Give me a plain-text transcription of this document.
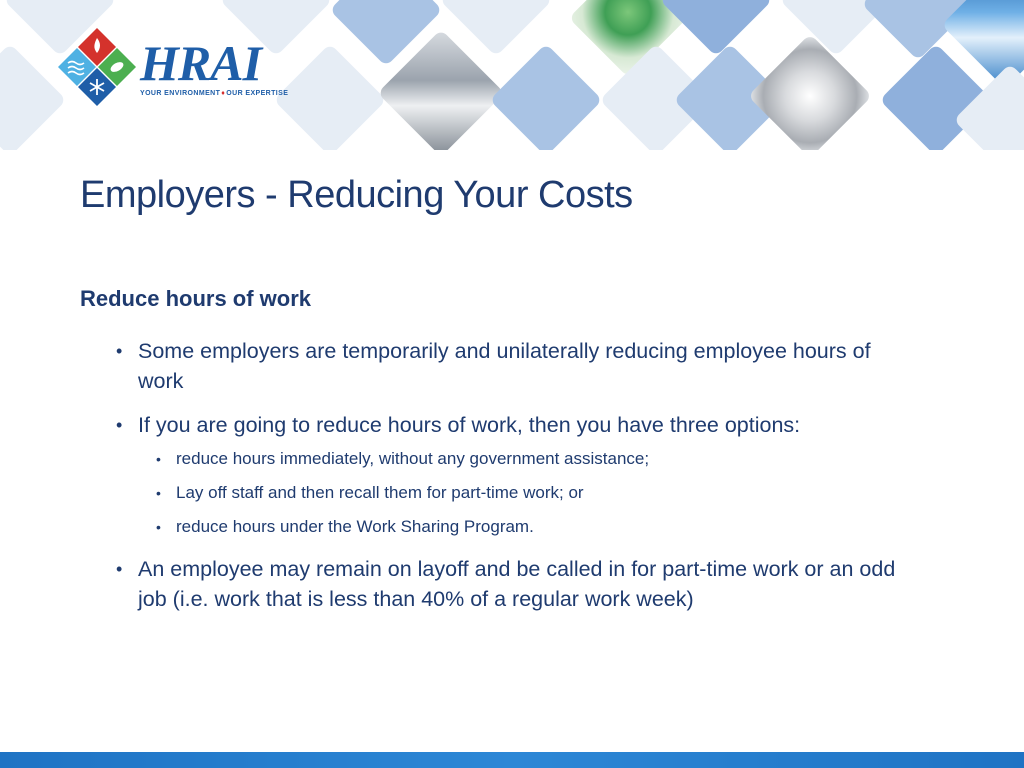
HRAI
YOUR ENVIRONMENT♦OUR EXPERTISE
Employers - Reducing Your Costs
Reduce hours of work
• Some employers are temporarily and unilaterally reducing employee hours of work
• If you are going to reduce hours of work, then you have three options:
• reduce hours immediately, without any government assistance;
• Lay off staff and then recall them for part-time work; or
• reduce hours under the Work Sharing Program.
• An employee may remain on layoff and be called in for part-time work or an odd job (i.e. work that is less than 40% of a regular work week)
